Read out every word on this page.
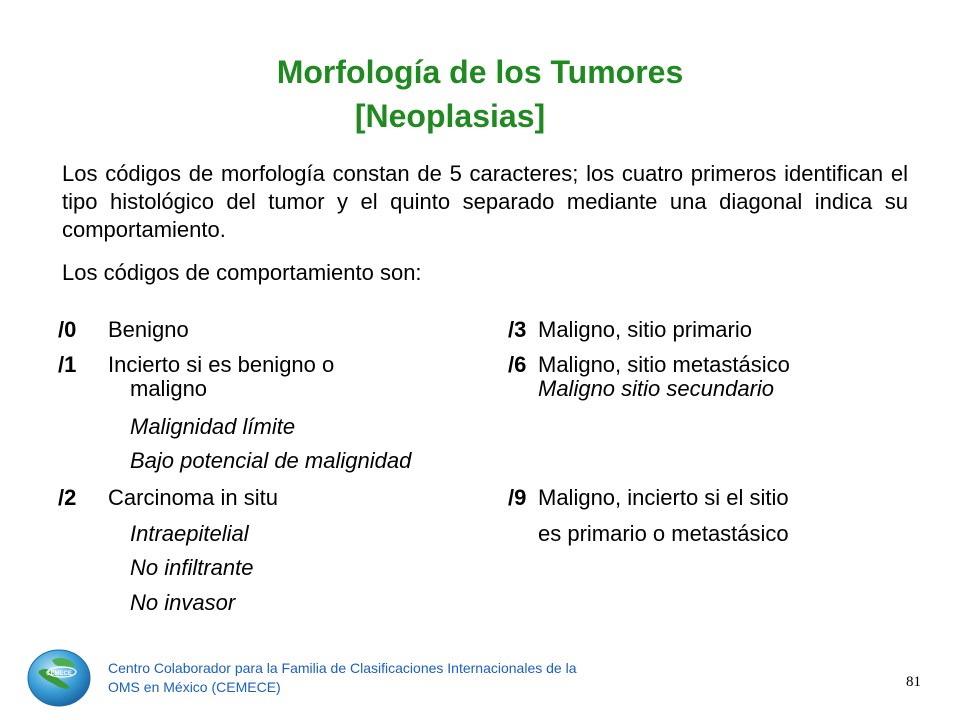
Morfología de los Tumores
[Neoplasias]
Los códigos de morfología constan de 5 caracteres; los cuatro primeros identifican el tipo histológico del tumor y el quinto separado mediante una diagonal indica su comportamiento.
Los códigos de comportamiento son:
/0 Benigno
/1 Incierto si es benigno o
maligno
Malignidad límite
Bajo potencial de malignidad
/2 Carcinoma in situ
Intraepitelial
No infiltrante
No invasor
/3 Maligno, sitio primario
/6 Maligno, sitio metastásico
Maligno sitio secundario
/9 Maligno, incierto si el sitio
es primario o metastásico
CEMECE	Centro Colaborador para la Familia de Clasificaciones Internacionales de la
OMS en México (CEMECE)	81
